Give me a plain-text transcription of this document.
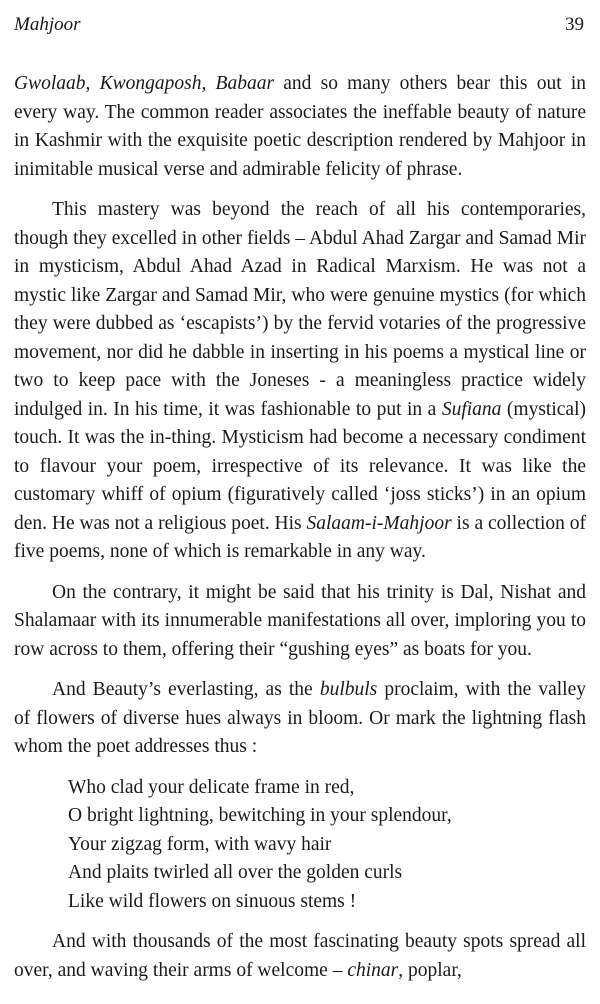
Mahjoor	39

Gwolaab, Kwongaposh, Babaar and so many others bear this out in every way. The common reader associates the ineffable beauty of nature in Kashmir with the exquisite poetic description rendered by Mahjoor in inimitable musical verse and admirable felicity of phrase.

This mastery was beyond the reach of all his contemporaries, though they excelled in other fields – Abdul Ahad Zargar and Samad Mir in mysticism, Abdul Ahad Azad in Radical Marxism. He was not a mystic like Zargar and Samad Mir, who were genuine mystics (for which they were dubbed as ‘escapists’) by the fervid votaries of the progressive movement, nor did he dabble in inserting in his poems a mystical line or two to keep pace with the Joneses - a meaningless practice widely indulged in. In his time, it was fashionable to put in a Sufiana (mystical) touch. It was the in-thing. Mysticism had become a necessary condiment to flavour your poem, irrespective of its relevance. It was like the customary whiff of opium (figuratively called ‘joss sticks’) in an opium den. He was not a religious poet. His Salaam-i-Mahjoor is a collection of five poems, none of which is remarkable in any way.

On the contrary, it might be said that his trinity is Dal, Nishat and Shalamaar with its innumerable manifestations all over, imploring you to row across to them, offering their “gushing eyes” as boats for you.

And Beauty’s everlasting, as the bulbuls proclaim, with the valley of flowers of diverse hues always in bloom. Or mark the lightning flash whom the poet addresses thus :

Who clad your delicate frame in red,
O bright lightning, bewitching in your splendour,
Your zigzag form, with wavy hair
And plaits twirled all over the golden curls
Like wild flowers on sinuous stems !

And with thousands of the most fascinating beauty spots spread all over, and waving their arms of welcome – chinar, poplar,
